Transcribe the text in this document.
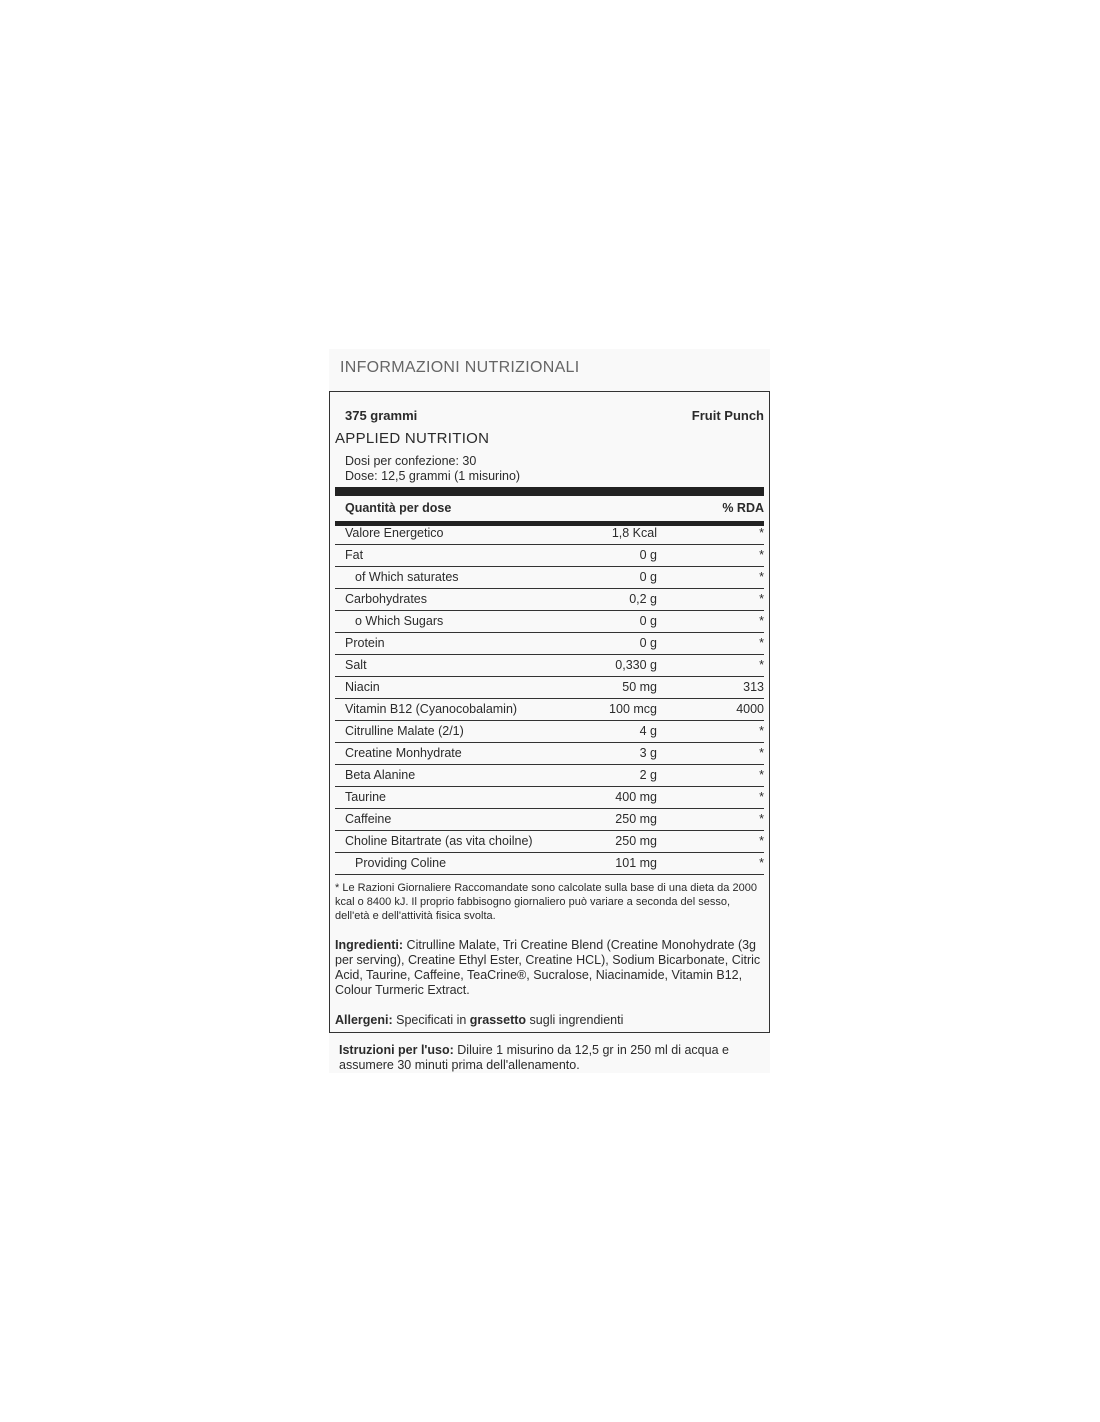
INFORMAZIONI NUTRIZIONALI
375 grammi	Fruit Punch
APPLIED NUTRITION
Dosi per confezione: 30
Dose: 12,5 grammi (1 misurino)
Quantità per dose	% RDA
Valore Energetico	1,8 Kcal	*
Fat	0 g	*
of Which saturates	0 g	*
Carbohydrates	0,2 g	*
o Which Sugars	0 g	*
Protein	0 g	*
Salt	0,330 g	*
Niacin	50 mg	313
Vitamin B12 (Cyanocobalamin)	100 mcg	4000
Citrulline Malate (2/1)	4 g	*
Creatine Monhydrate	3 g	*
Beta Alanine	2 g	*
Taurine	400 mg	*
Caffeine	250 mg	*
Choline Bitartrate (as vita choilne)	250 mg	*
Providing Coline	101 mg	*
* Le Razioni Giornaliere Raccomandate sono calcolate sulla base di una dieta da 2000 kcal o 8400 kJ. Il proprio fabbisogno giornaliero può variare a seconda del sesso, dell'età e dell'attività fisica svolta.
Ingredienti: Citrulline Malate, Tri Creatine Blend (Creatine Monohydrate (3g per serving), Creatine Ethyl Ester, Creatine HCL), Sodium Bicarbonate, Citric Acid, Taurine, Caffeine, TeaCrine®, Sucralose, Niacinamide, Vitamin B12, Colour Turmeric Extract.
Allergeni: Specificati in grassetto sugli ingrendienti
Istruzioni per l'uso: Diluire 1 misurino da 12,5 gr in 250 ml di acqua e assumere 30 minuti prima dell'allenamento.
